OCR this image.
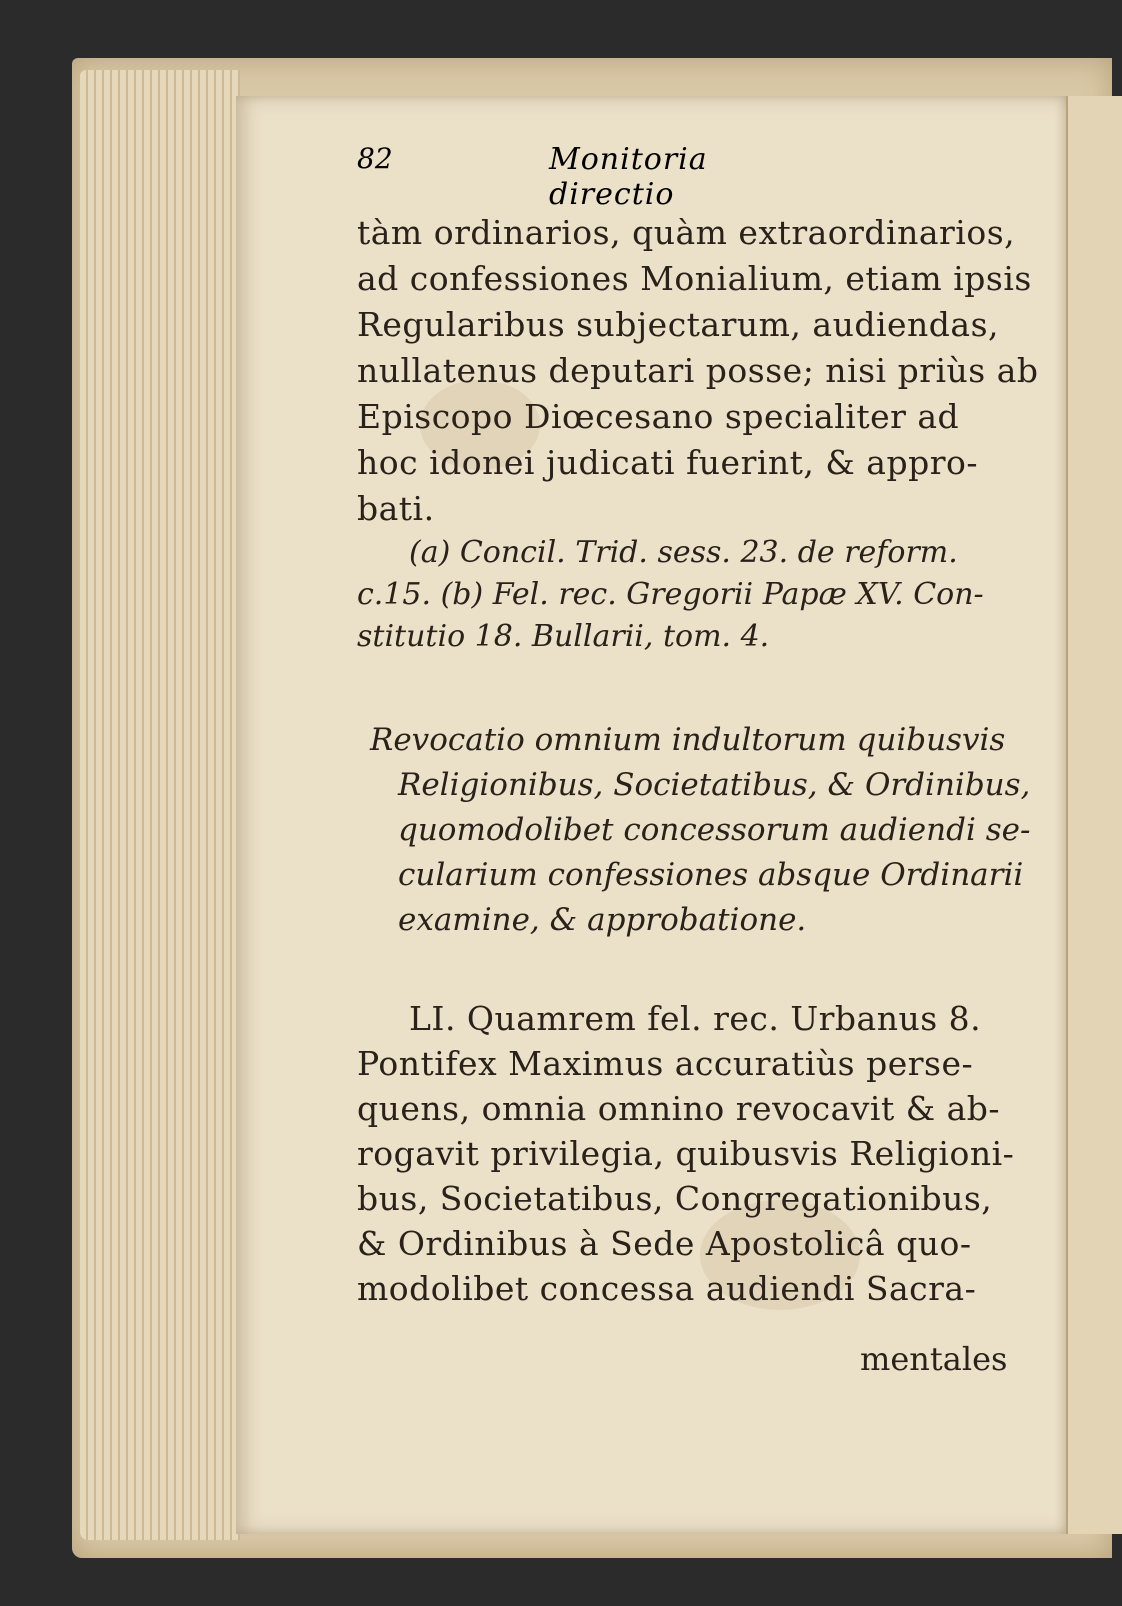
82	Monitoria directio
tàm ordinarios, quàm extraordinarios,
ad confessiones Monialium, etiam ipsis
Regularibus subjectarum, audiendas,
nullatenus deputari posse; nisi priùs ab
Episcopo Diœcesano specialiter ad
hoc idonei judicati fuerint, & appro-
bati.
(a) Concil. Trid. sess. 23. de reform.
c.15. (b) Fel. rec. Gregorii Papæ XV. Con-
stitutio 18. Bullarii, tom. 4.
Revocatio omnium indultorum quibusvis
Religionibus, Societatibus, & Ordinibus,
quomodolibet concessorum audiendi se-
cularium confessiones absque Ordinarii
examine, & approbatione.
LI. Quamrem fel. rec. Urbanus 8.
Pontifex Maximus accuratiùs perse-
quens, omnia omnino revocavit & ab-
rogavit privilegia, quibusvis Religioni-
bus, Societatibus, Congregationibus,
& Ordinibus à Sede Apostolicâ quo-
modolibet concessa audiendi Sacra-
mentales
